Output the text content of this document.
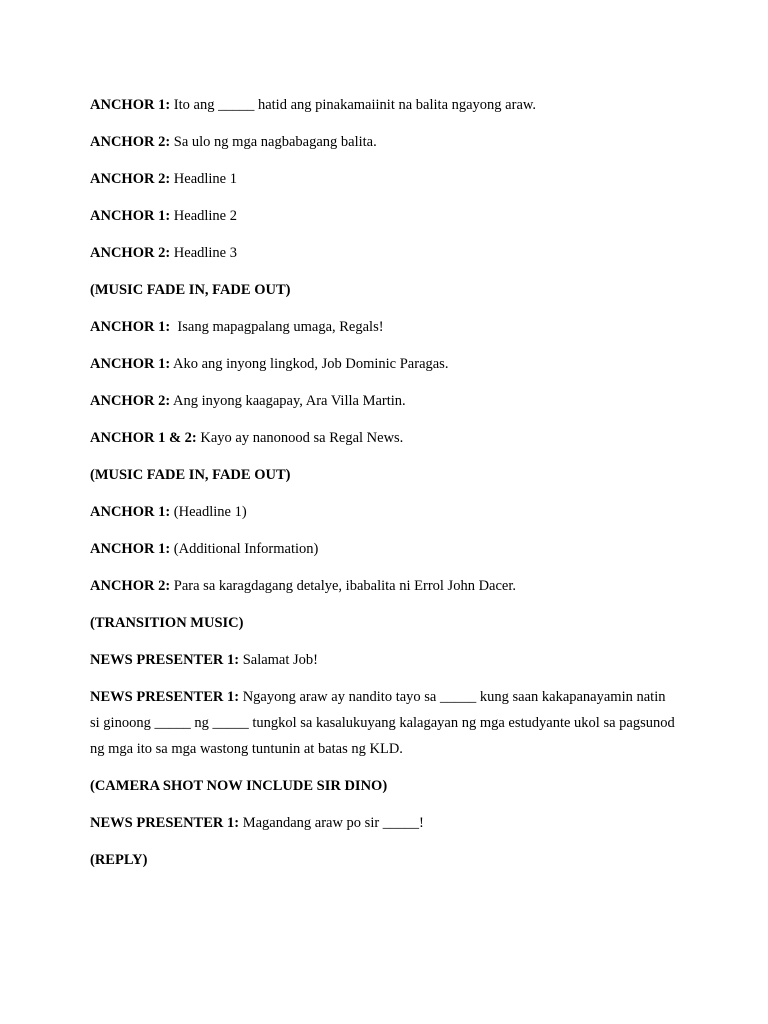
ANCHOR 1: Ito ang _____ hatid ang pinakamaiinit na balita ngayong araw.

ANCHOR 2: Sa ulo ng mga nagbabagang balita.

ANCHOR 2: Headline 1

ANCHOR 1: Headline 2

ANCHOR 2: Headline 3

(MUSIC FADE IN, FADE OUT)

ANCHOR 1:  Isang mapagpalang umaga, Regals!

ANCHOR 1: Ako ang inyong lingkod, Job Dominic Paragas.

ANCHOR 2: Ang inyong kaagapay, Ara Villa Martin.

ANCHOR 1 & 2: Kayo ay nanonood sa Regal News.

(MUSIC FADE IN, FADE OUT)

ANCHOR 1: (Headline 1)

ANCHOR 1: (Additional Information)

ANCHOR 2: Para sa karagdagang detalye, ibabalita ni Errol John Dacer.

(TRANSITION MUSIC)

NEWS PRESENTER 1: Salamat Job!

NEWS PRESENTER 1: Ngayong araw ay nandito tayo sa _____ kung saan kakapanayamin natin si ginoong _____ ng _____ tungkol sa kasalukuyang kalagayan ng mga estudyante ukol sa pagsunod ng mga ito sa mga wastong tuntunin at batas ng KLD.

(CAMERA SHOT NOW INCLUDE SIR DINO)

NEWS PRESENTER 1: Magandang araw po sir _____!

(REPLY)
